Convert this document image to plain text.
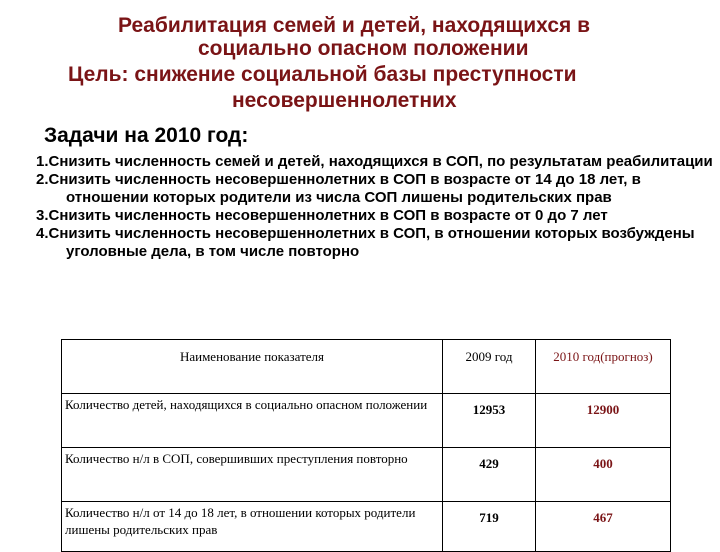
Реабилитация семей и детей, находящихся в
социально опасном положении
Цель: снижение социальной базы преступности
несовершеннолетних
Задачи на 2010 год:
1.Снизить численность семей и детей, находящихся в СОП, по результатам реабилитации
2.Снизить численность несовершеннолетних в СОП в возрасте от 14 до 18 лет, в отношении которых родители из числа СОП лишены родительских прав
3.Снизить численность несовершеннолетних в СОП в возрасте от 0 до 7 лет
4.Снизить численность несовершеннолетних в СОП, в отношении которых возбуждены уголовные дела, в том числе повторно
Наименование показателя	2009 год	2010 год(прогноз)
Количество детей, находящихся в социально опасном положении	12953	12900
Количество н/л в СОП, совершивших преступления повторно	429	400
Количество н/л от 14 до 18 лет, в отношении которых родители лишены родительских прав	719	467
